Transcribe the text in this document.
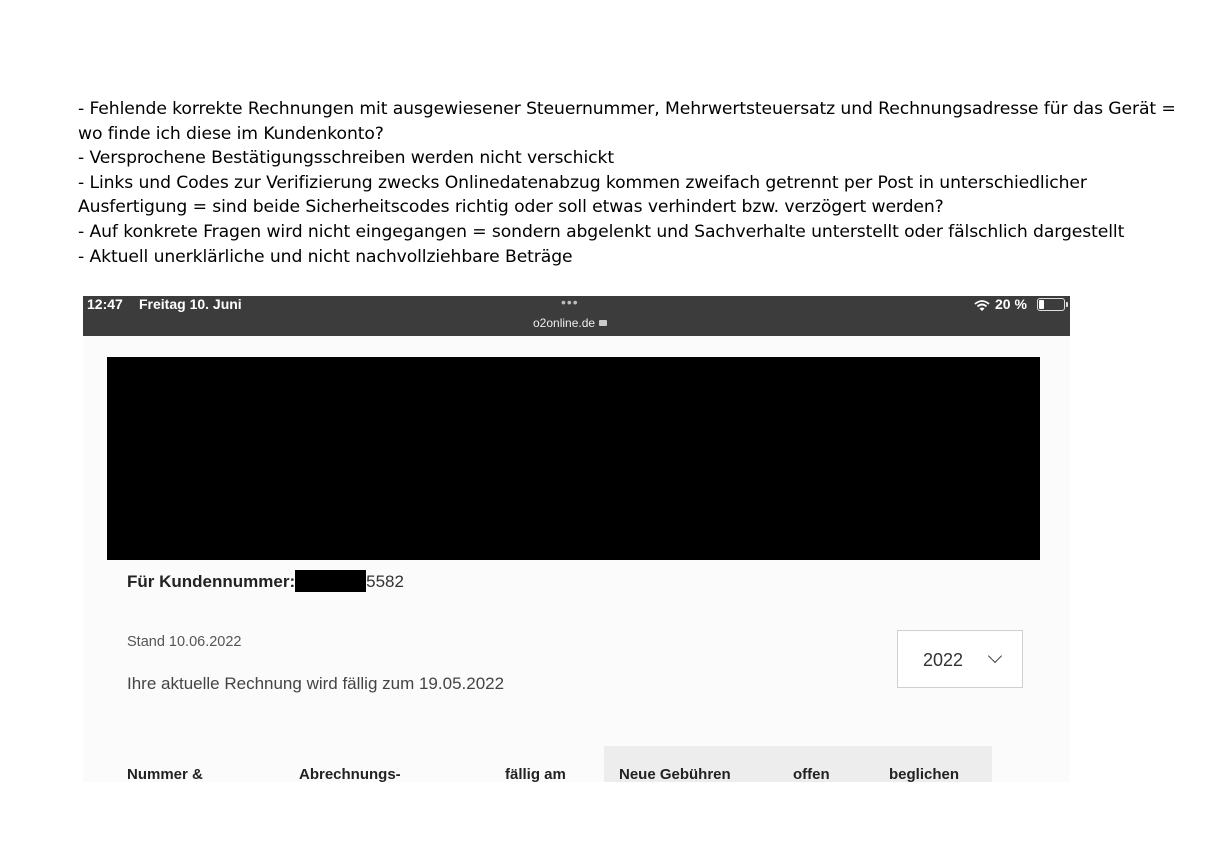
- Fehlende korrekte Rechnungen mit ausgewiesener Steuernummer, Mehrwertsteuersatz und Rechnungsadresse für das Gerät =
wo finde ich diese im Kundenkonto?
- Versprochene Bestätigungsschreiben werden nicht verschickt
- Links und Codes zur Verifizierung zwecks Onlinedatenabzug kommen zweifach getrennt per Post in unterschiedlicher
Ausfertigung = sind beide Sicherheitscodes richtig oder soll etwas verhindert bzw. verzögert werden?
- Auf konkrete Fragen wird nicht eingegangen = sondern abgelenkt und Sachverhalte unterstellt oder fälschlich dargestellt
- Aktuell unerklärliche und nicht nachvollziehbare Beträge
12:47 Freitag 10. Juni	•••
o2online.de
20 %
Für Kundennummer:	5582
Stand 10.06.2022
Ihre aktuelle Rechnung wird fällig zum 19.05.2022
2022
Nummer &	Abrechnungs-	fällig am	Neue Gebühren	offen	beglichen
